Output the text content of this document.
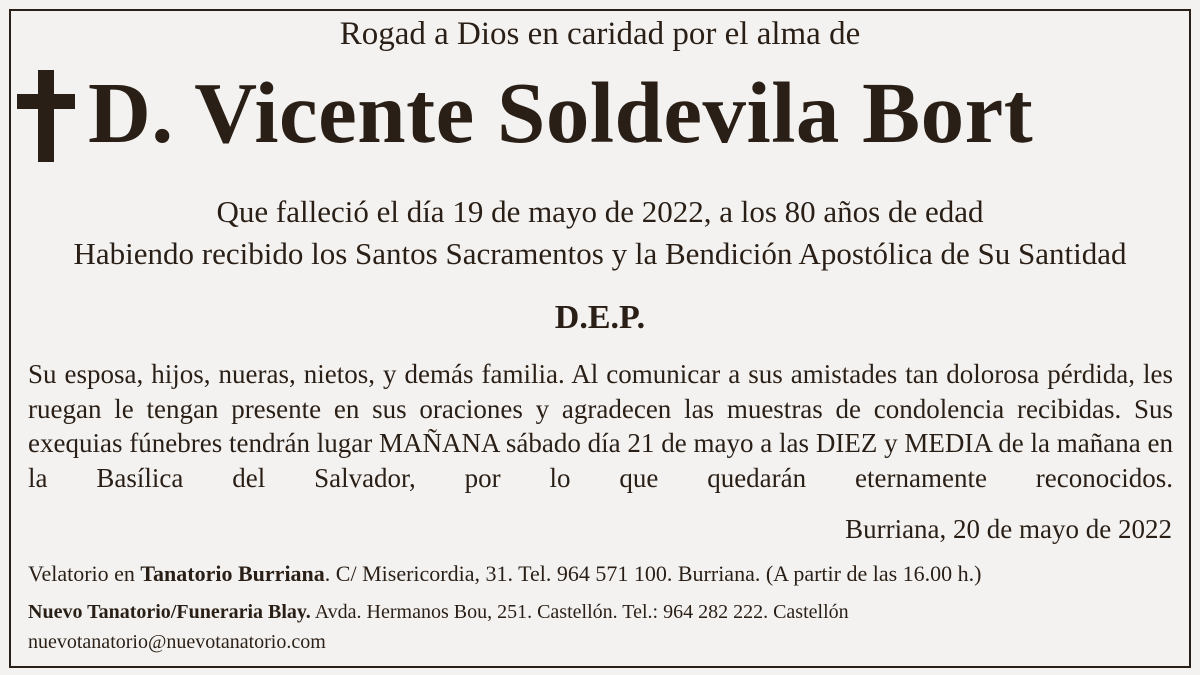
Rogad a Dios en caridad por el alma de
D. Vicente Soldevila Bort
Que falleció el día 19 de mayo de 2022, a los 80 años de edad
Habiendo recibido los Santos Sacramentos y la Bendición Apostólica de Su Santidad
D.E.P.
Su esposa, hijos, nueras, nietos, y demás familia. Al comunicar a sus amistades tan dolorosa pérdida, les ruegan le tengan presente en sus oraciones y agradecen las muestras de condolencia recibidas. Sus exequias fúnebres tendrán lugar MAÑANA sábado día 21 de mayo a las DIEZ y MEDIA de la mañana en la Basílica del Salvador, por lo que quedarán eternamente reconocidos.
Burriana, 20 de mayo de 2022
Velatorio en Tanatorio Burriana. C/ Misericordia, 31. Tel. 964 571 100. Burriana. (A partir de las 16.00 h.)
Nuevo Tanatorio/Funeraria Blay. Avda. Hermanos Bou, 251. Castellón. Tel.: 964 282 222. Castellón
nuevotanatorio@nuevotanatorio.com
